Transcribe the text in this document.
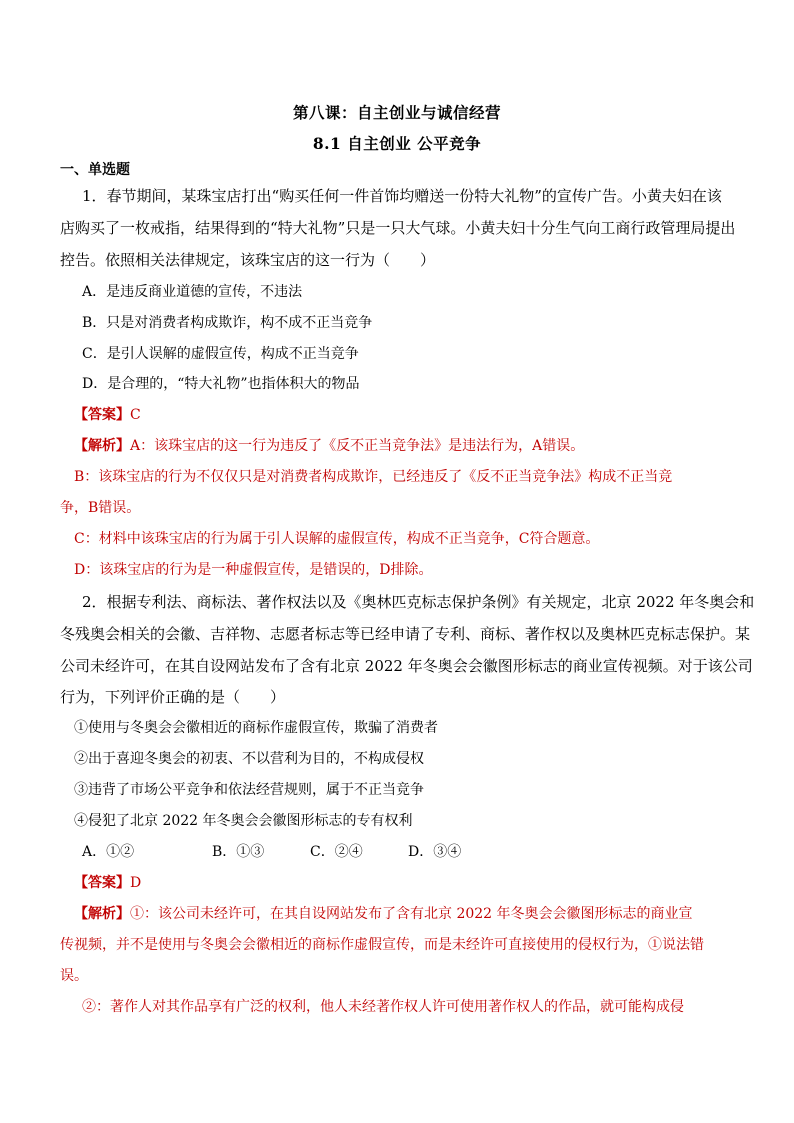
第八课：自主创业与诚信经营
8.1 自主创业 公平竞争
一、单选题
1．春节期间，某珠宝店打出“购买任何一件首饰均赠送一份特大礼物”的宣传广告。小黄夫妇在该
店购买了一枚戒指，结果得到的“特大礼物”只是一只大气球。小黄夫妇十分生气向工商行政管理局提出
控告。依照相关法律规定，该珠宝店的这一行为（　　）
A．是违反商业道德的宣传，不违法
B．只是对消费者构成欺诈，构不成不正当竞争
C．是引人误解的虚假宣传，构成不正当竞争
D．是合理的，“特大礼物”也指体积大的物品
【答案】C
【解析】A：该珠宝店的这一行为违反了《反不正当竞争法》是违法行为，A错误。
B：该珠宝店的行为不仅仅只是对消费者构成欺诈，已经违反了《反不正当竞争法》构成不正当竞
争，B错误。
C：材料中该珠宝店的行为属于引人误解的虚假宣传，构成不正当竞争，C符合题意。
D：该珠宝店的行为是一种虚假宣传，是错误的，D排除。
2．根据专利法、商标法、著作权法以及《奥林匹克标志保护条例》有关规定，北京 2022 年冬奥会和
冬残奥会相关的会徽、吉祥物、志愿者标志等已经申请了专利、商标、著作权以及奥林匹克标志保护。某
公司未经许可，在其自设网站发布了含有北京 2022 年冬奥会会徽图形标志的商业宣传视频。对于该公司
行为，下列评价正确的是（　　）
①使用与冬奥会会徽相近的商标作虚假宣传，欺骗了消费者
②出于喜迎冬奥会的初衷、不以营利为目的，不构成侵权
③违背了市场公平竞争和依法经营规则，属于不正当竞争
④侵犯了北京 2022 年冬奥会会徽图形标志的专有权利
A．①②	B．①③	C．②④	D．③④
【答案】D
【解析】①：该公司未经许可，在其自设网站发布了含有北京 2022 年冬奥会会徽图形标志的商业宣
传视频，并不是使用与冬奥会会徽相近的商标作虚假宣传，而是未经许可直接使用的侵权行为，①说法错
误。
②：著作人对其作品享有广泛的权利，他人未经著作权人许可使用著作权人的作品，就可能构成侵
